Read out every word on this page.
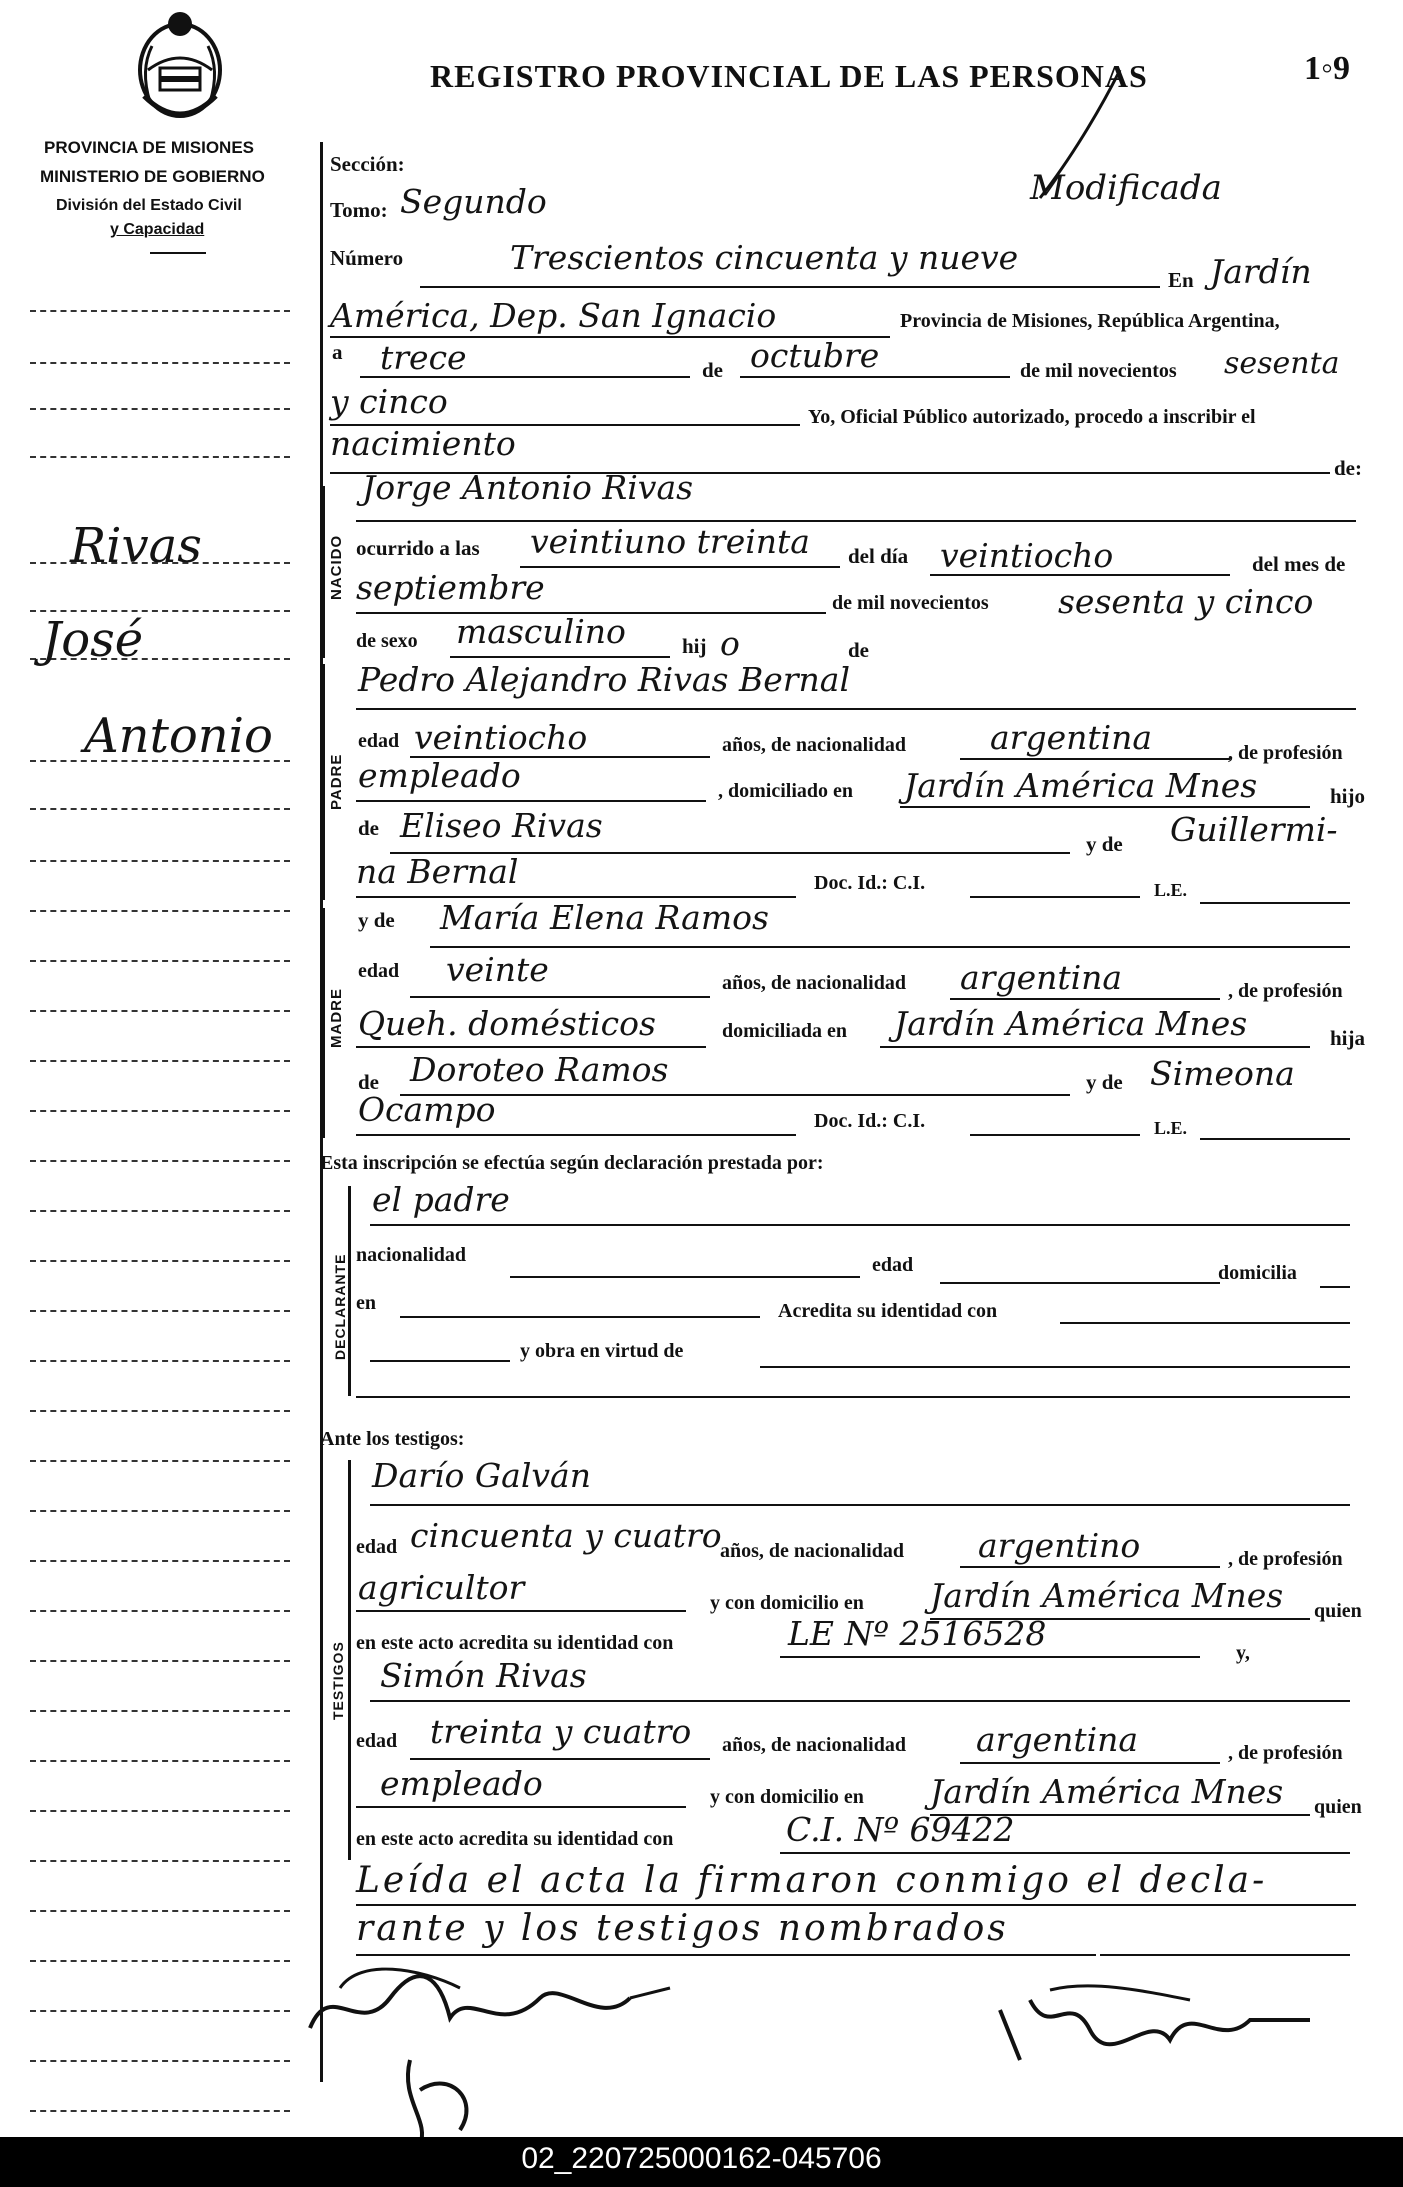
REGISTRO PROVINCIAL DE LAS PERSONAS	1◦9
PROVINCIA DE MISIONES
MINISTERIO DE GOBIERNO
División del Estado Civil
y Capacidad
Rivas
José
Antonio
Sección:
Tomo: Segundo	Modificada
Número	Trescientos cincuenta y nueve
En Jardín
América, Dep. San Ignacio	Provincia de Misiones, República Argentina,
a trece	de octubre	de mil novecientos sesenta
y cinco	Yo, Oficial Público autorizado, procedo a inscribir el
nacimiento
de:
NACIDO
Jorge Antonio Rivas
ocurrido a las veintiuno treinta del día veintiocho	del mes de
septiembre	de mil novecientos sesenta y cinco
de sexo masculino	hij o	de
PADRE
Pedro Alejandro Rivas Bernal
edad veintiocho	años, de nacionalidad	argentina	, de profesión
empleado	, domiciliado en Jardín América Mnes	hijo
de Eliseo Rivas	y de Guillermi-
na Bernal	Doc. Id.: C.I.	L.E.
MADRE
y de María Elena Ramos
edad veinte	años, de nacionalidad argentina	, de profesión
Queh. domésticos	domiciliada en Jardín América Mnes	hija
de Doroteo Ramos	y de Simeona
Ocampo	Doc. Id.: C.I.	L.E.
Esta inscripción se efectúa según declaración prestada por:
DECLARANTE
el padre
nacionalidad	edad	domicilia
en	Acredita su identidad con
y obra en virtud de
Ante los testigos:
TESTIGOS
Darío Galván
edad cincuenta y cuatro
años, de nacionalidad argentino	, de profesión
agricultor	y con domicilio en Jardín América Mnes quien
en este acto acredita su identidad con	LE Nº 2516528	y,
Simón Rivas
edad treinta y cuatro años, de nacionalidad argentina	, de profesión
empleado	y con domicilio en Jardín América Mnes quien
en este acto acredita su identidad con	C.I. Nº 69422
Leída el acta la firmaron conmigo el decla-
rante y los testigos nombrados
02_220725000162-045706
